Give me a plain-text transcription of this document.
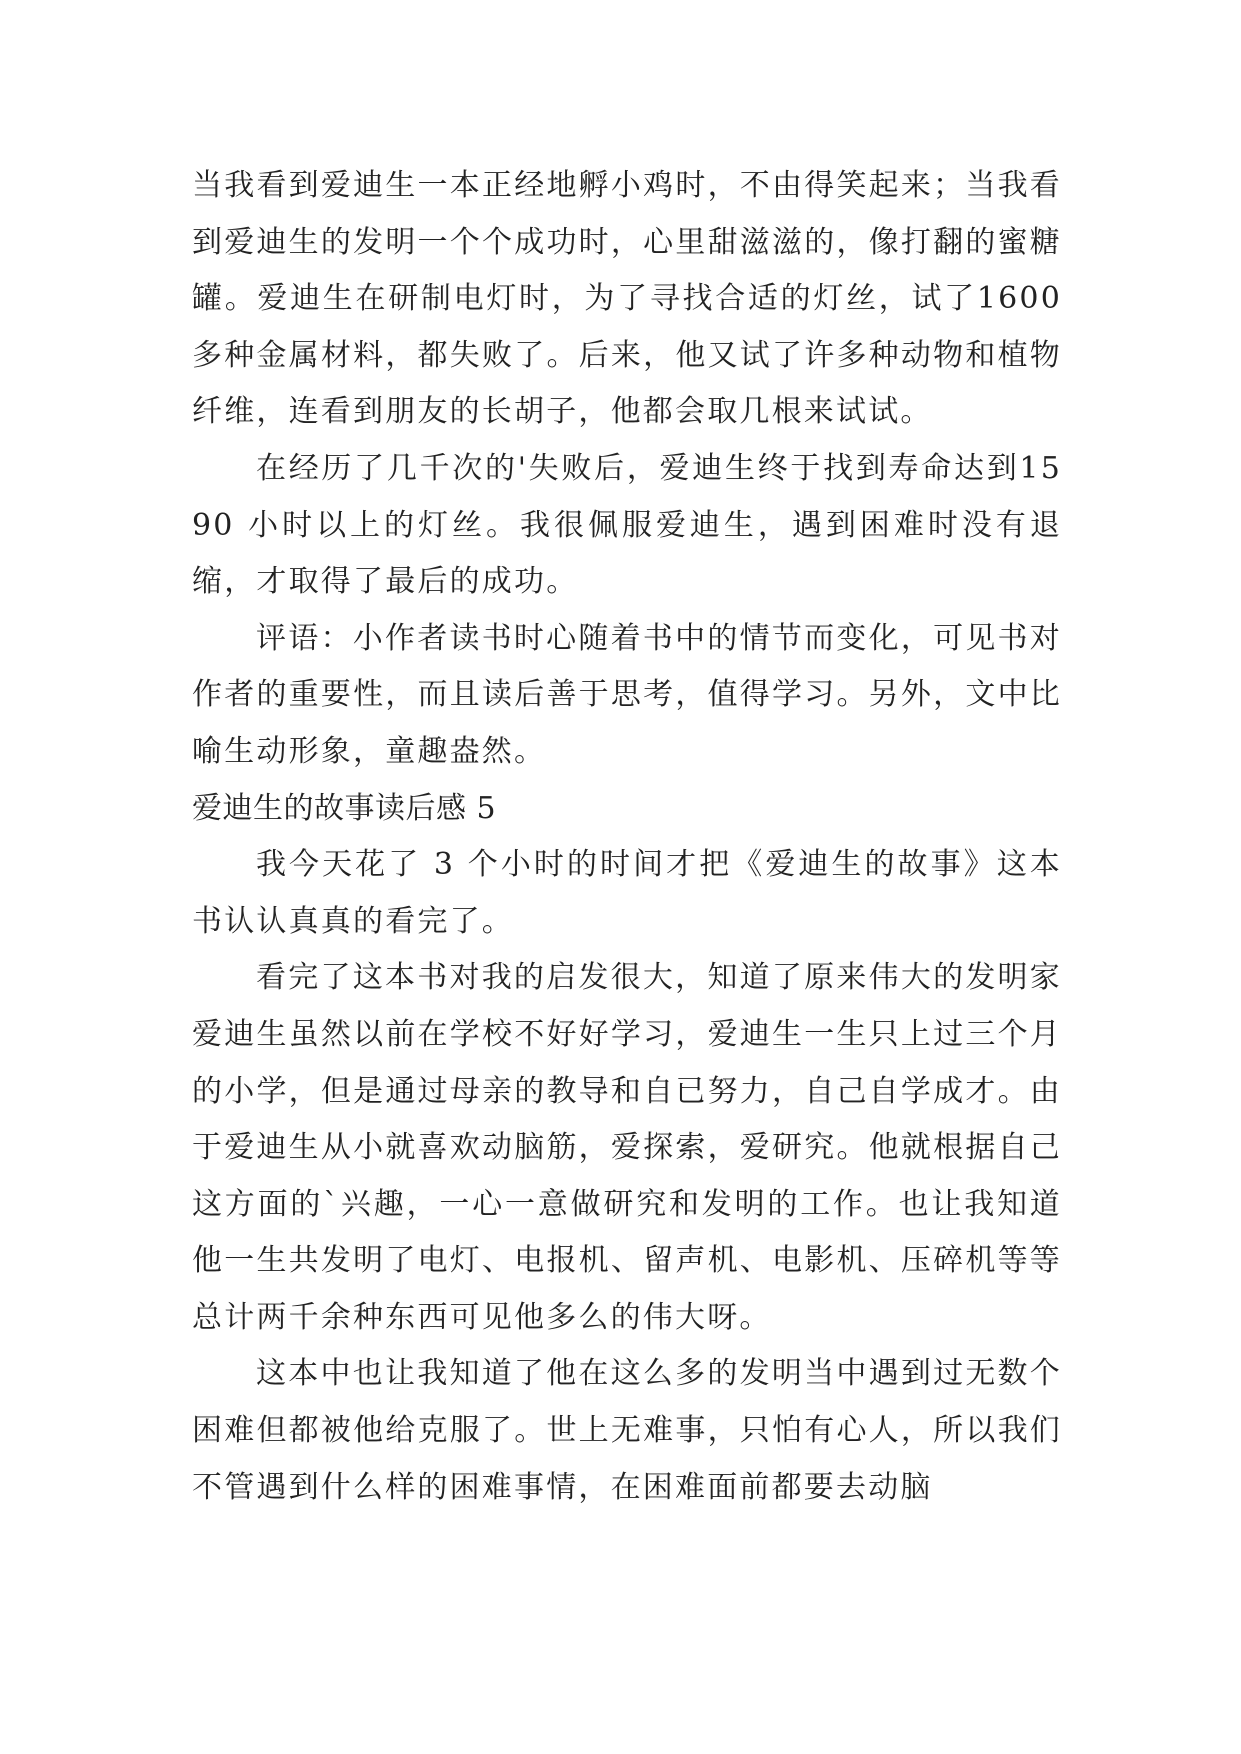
当我看到爱迪生一本正经地孵小鸡时，不由得笑起来；当我看到爱迪生的发明一个个成功时，心里甜滋滋的，像打翻的蜜糖罐。爱迪生在研制电灯时，为了寻找合适的灯丝，试了1600 多种金属材料，都失败了。后来，他又试了许多种动物和植物纤维，连看到朋友的长胡子，他都会取几根来试试。

在经历了几千次的'失败后，爱迪生终于找到寿命达到1590 小时以上的灯丝。我很佩服爱迪生，遇到困难时没有退缩，才取得了最后的成功。

评语：小作者读书时心随着书中的情节而变化，可见书对作者的重要性，而且读后善于思考，值得学习。另外，文中比喻生动形象，童趣盎然。

爱迪生的故事读后感 5

我今天花了 3 个小时的时间才把《爱迪生的故事》这本书认认真真的看完了。

看完了这本书对我的启发很大，知道了原来伟大的发明家爱迪生虽然以前在学校不好好学习，爱迪生一生只上过三个月的小学，但是通过母亲的教导和自已努力，自己自学成才。由于爱迪生从小就喜欢动脑筋，爱探索，爱研究。他就根据自己这方面的`兴趣，一心一意做研究和发明的工作。也让我知道他一生共发明了电灯、电报机、留声机、电影机、压碎机等等总计两千余种东西可见他多么的伟大呀。

这本中也让我知道了他在这么多的发明当中遇到过无数个困难但都被他给克服了。世上无难事，只怕有心人，所以我们不管遇到什么样的困难事情，在困难面前都要去动脑
